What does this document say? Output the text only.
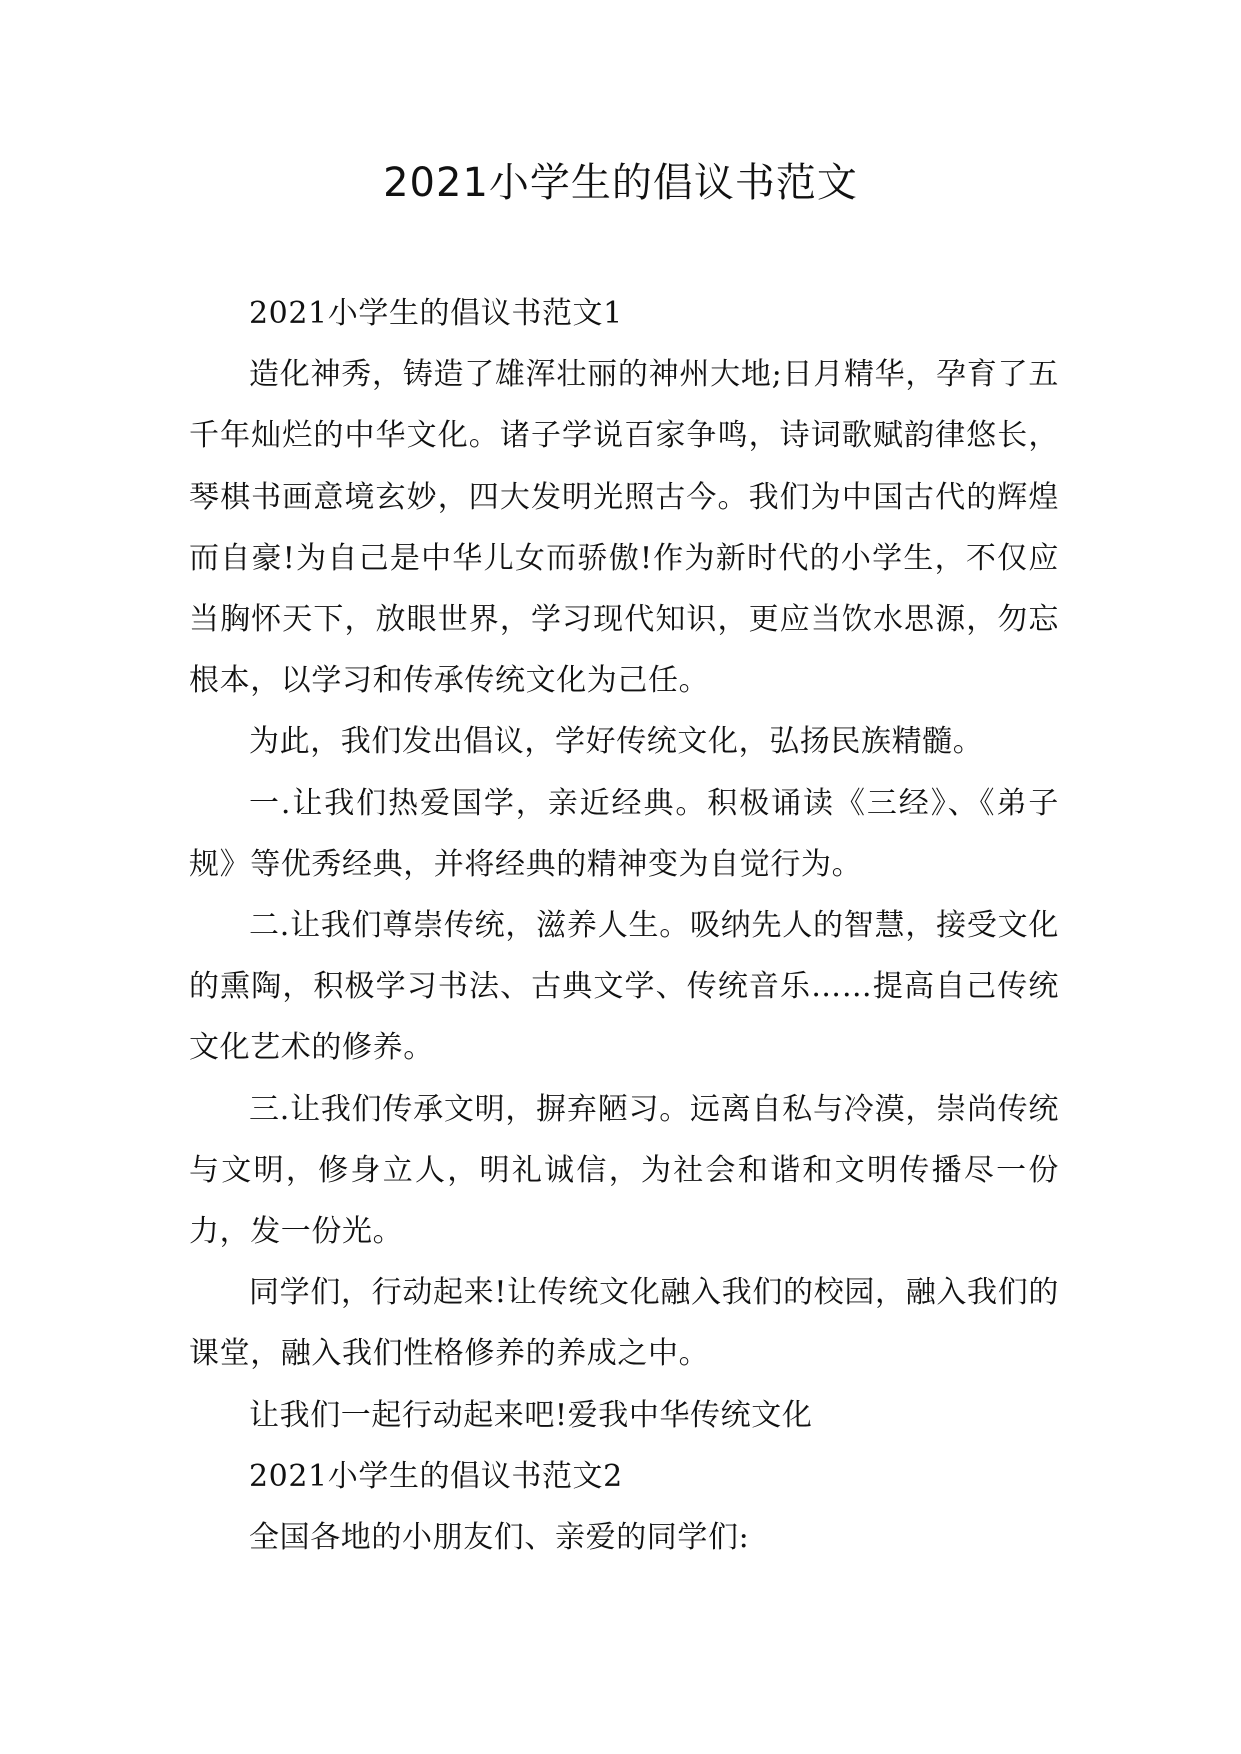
2021小学生的倡议书范文

2021小学生的倡议书范文1

造化神秀，铸造了雄浑壮丽的神州大地;日月精华，孕育了五千年灿烂的中华文化。诸子学说百家争鸣，诗词歌赋韵律悠长，琴棋书画意境玄妙，四大发明光照古今。我们为中国古代的辉煌而自豪!为自己是中华儿女而骄傲!作为新时代的小学生，不仅应当胸怀天下，放眼世界，学习现代知识，更应当饮水思源，勿忘根本，以学习和传承传统文化为己任。

为此，我们发出倡议，学好传统文化，弘扬民族精髓。

一.让我们热爱国学，亲近经典。积极诵读《三经》、《弟子规》等优秀经典，并将经典的精神变为自觉行为。

二.让我们尊崇传统，滋养人生。吸纳先人的智慧，接受文化的熏陶，积极学习书法、古典文学、传统音乐……提高自己传统文化艺术的修养。

三.让我们传承文明，摒弃陋习。远离自私与冷漠，崇尚传统与文明，修身立人，明礼诚信，为社会和谐和文明传播尽一份力，发一份光。

同学们，行动起来!让传统文化融入我们的校园，融入我们的课堂，融入我们性格修养的养成之中。

让我们一起行动起来吧!爱我中华传统文化

2021小学生的倡议书范文2

全国各地的小朋友们、亲爱的同学们:
